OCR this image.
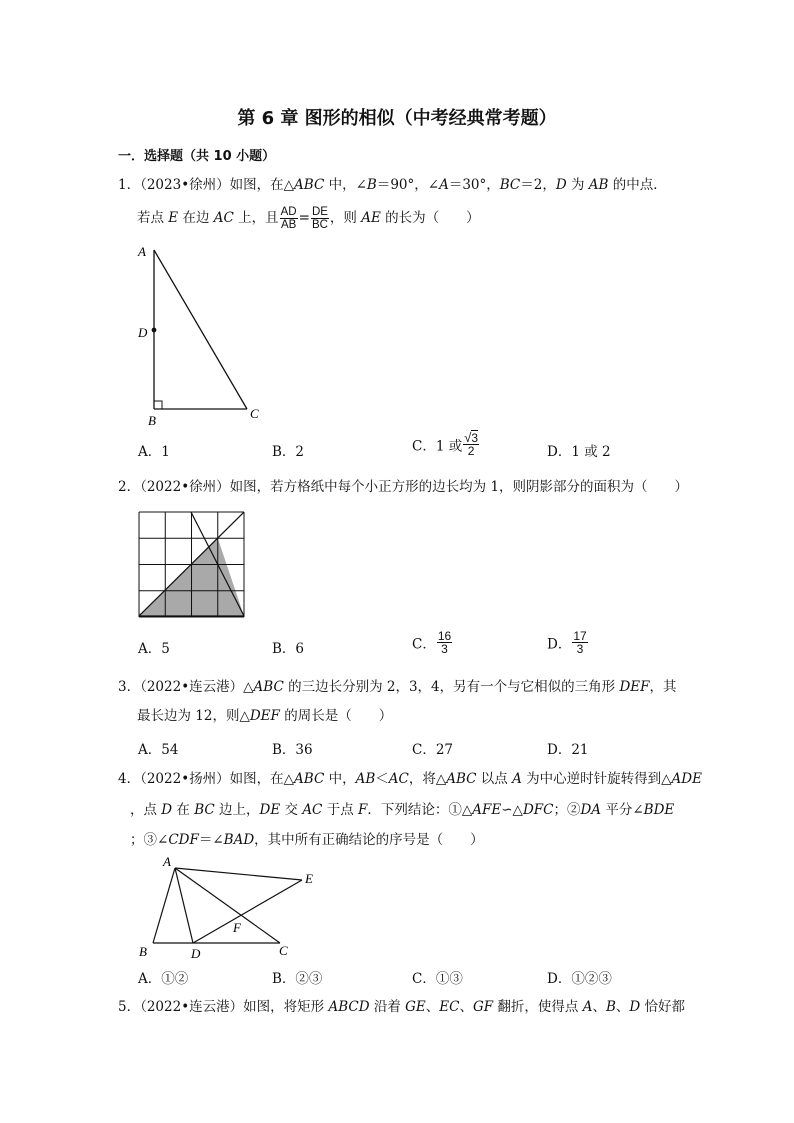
第 6 章 图形的相似（中考经典常考题）
一．选择题（共 10 小题）
1．（2023•徐州）如图，在△ABC 中，∠B＝90°，∠A＝30°，BC＝2，D 为 AB 的中点．
若点 E 在边 AC 上，且 $\frac{AD}{AB} = \frac{DE}{BC}$ ，则 AE 的长为（　　）
A
D
B	C
A．1	B．2	C．1 或 $\frac{√3}{2}$	D．1 或 2
2．（2022•徐州）如图，若方格纸中每个小正方形的边长均为 1，则阴影部分的面积为（　　）
A．5	B．6	C． $\frac{16}{3}$	D． $\frac{17}{3}$
3．（2022•连云港）△ABC 的三边长分别为 2，3，4，另有一个与它相似的三角形 DEF，其
最长边为 12，则△DEF 的周长是（　　）
A．54	B．36	C．27	D．21
4．（2022•扬州）如图，在△ABC 中，AB＜AC，将△ABC 以点 A 为中心逆时针旋转得到△ADE
，点 D 在 BC 边上，DE 交 AC 于点 F．下列结论：①△AFE∽△DFC；②DA 平分∠BDE
；③∠CDF＝∠BAD，其中所有正确结论的序号是（　　）
A
E
F
B	D	C
A．①②	B．②③	C．①③	D．①②③
5．（2022•连云港）如图，将矩形 ABCD 沿着 GE、EC、GF 翻折，使得点 A、B、D 恰好都
